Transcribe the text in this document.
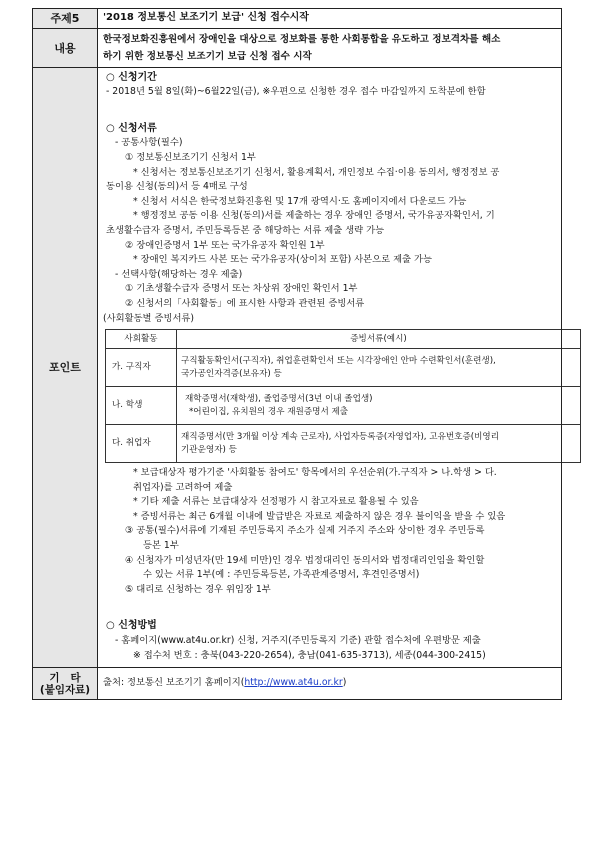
주제5	'2018 정보통신 보조기기 보급' 신청 접수시작
내용	
한국정보화진흥원에서 장애인을 대상으로 정보화를 통한 사회통합을 유도하고 정보격차를 해소
하기 위한 정보통신 보조기기 보급 신청 접수 시작

포인트	
○ 신청기간
- 2018년 5월 8일(화)~6월22일(금), ※우편으로 신청한 경우 접수 마감일까지 도착분에 한함
○ 신청서류
- 공통사항(필수)
① 정보통신보조기기 신청서 1부
* 신청서는 정보통신보조기기 신청서, 활용계획서, 개인정보 수집·이용 동의서, 행정정보 공
동이용 신청(동의)서 등 4매로 구성
* 신청서 서식은 한국정보화진흥원 및 17개 광역시·도 홈페이지에서 다운로드 가능
* 행정정보 공동 이용 신청(동의)서를 제출하는 경우 장애인 증명서, 국가유공자확인서, 기
초생활수급자 증명서, 주민등록등본 중 해당하는 서류 제출 생략 가능
② 장애인증명서 1부 또는 국가유공자 확인원 1부
* 장애인 복지카드 사본 또는 국가유공자(상이처 포함) 사본으로 제출 가능
- 선택사항(해당하는 경우 제출)
① 기초생활수급자 증명서 또는 차상위 장애인 확인서 1부
② 신청서의「사회활동」에 표시한 사항과 관련된 증빙서류
(사회활동별 증빙서류)
사회활동	증빙서류(예시)
가. 구직자	
구직활동확인서(구직자), 취업훈련확인서 또는 시각장애인 안마 수련확인서(훈련생),
국가공인자격증(보유자) 등

나. 학생	
재학증명서(재학생), 졸업증명서(3년 이내 졸업생)
*어린이집, 유치원의 경우 재원증명서 제출

다. 취업자	
재직증명서(만 3개월 이상 계속 근로자), 사업자등록증(자영업자), 고유번호증(비영리
기관운영자) 등
* 보급대상자 평가기준 '사회활동 참여도' 항목에서의 우선순위(가.구직자 > 나.학생 > 다.
취업자)를 고려하여 제출
* 기타 제출 서류는 보급대상자 선정평가 시 참고자료로 활용될 수 있음
* 증빙서류는 최근 6개월 이내에 발급받은 자료로 제출하지 않은 경우 불이익을 받을 수 있음
③ 공통(필수)서류에 기재된 주민등록지 주소가 실제 거주지 주소와 상이한 경우 주민등록
등본 1부
④ 신청자가 미성년자(만 19세 미만)인 경우 법정대리인 동의서와 법정대리인임을 확인할
수 있는 서류 1부(예 : 주민등록등본, 가족관계증명서, 후견인증명서)
⑤ 대리로 신청하는 경우 위임장 1부
○ 신청방법
- 홈페이지(www.at4u.or.kr) 신청, 거주지(주민등록지 기준) 관할 접수처에 우편방문 제출
※ 접수처 번호 : 충북(043-220-2654), 충남(041-635-3713), 세종(044-300-2415)

기   타
(붙임자료)
	출처: 정보통신 보조기기 홈페이지(http://www.at4u.or.kr)
